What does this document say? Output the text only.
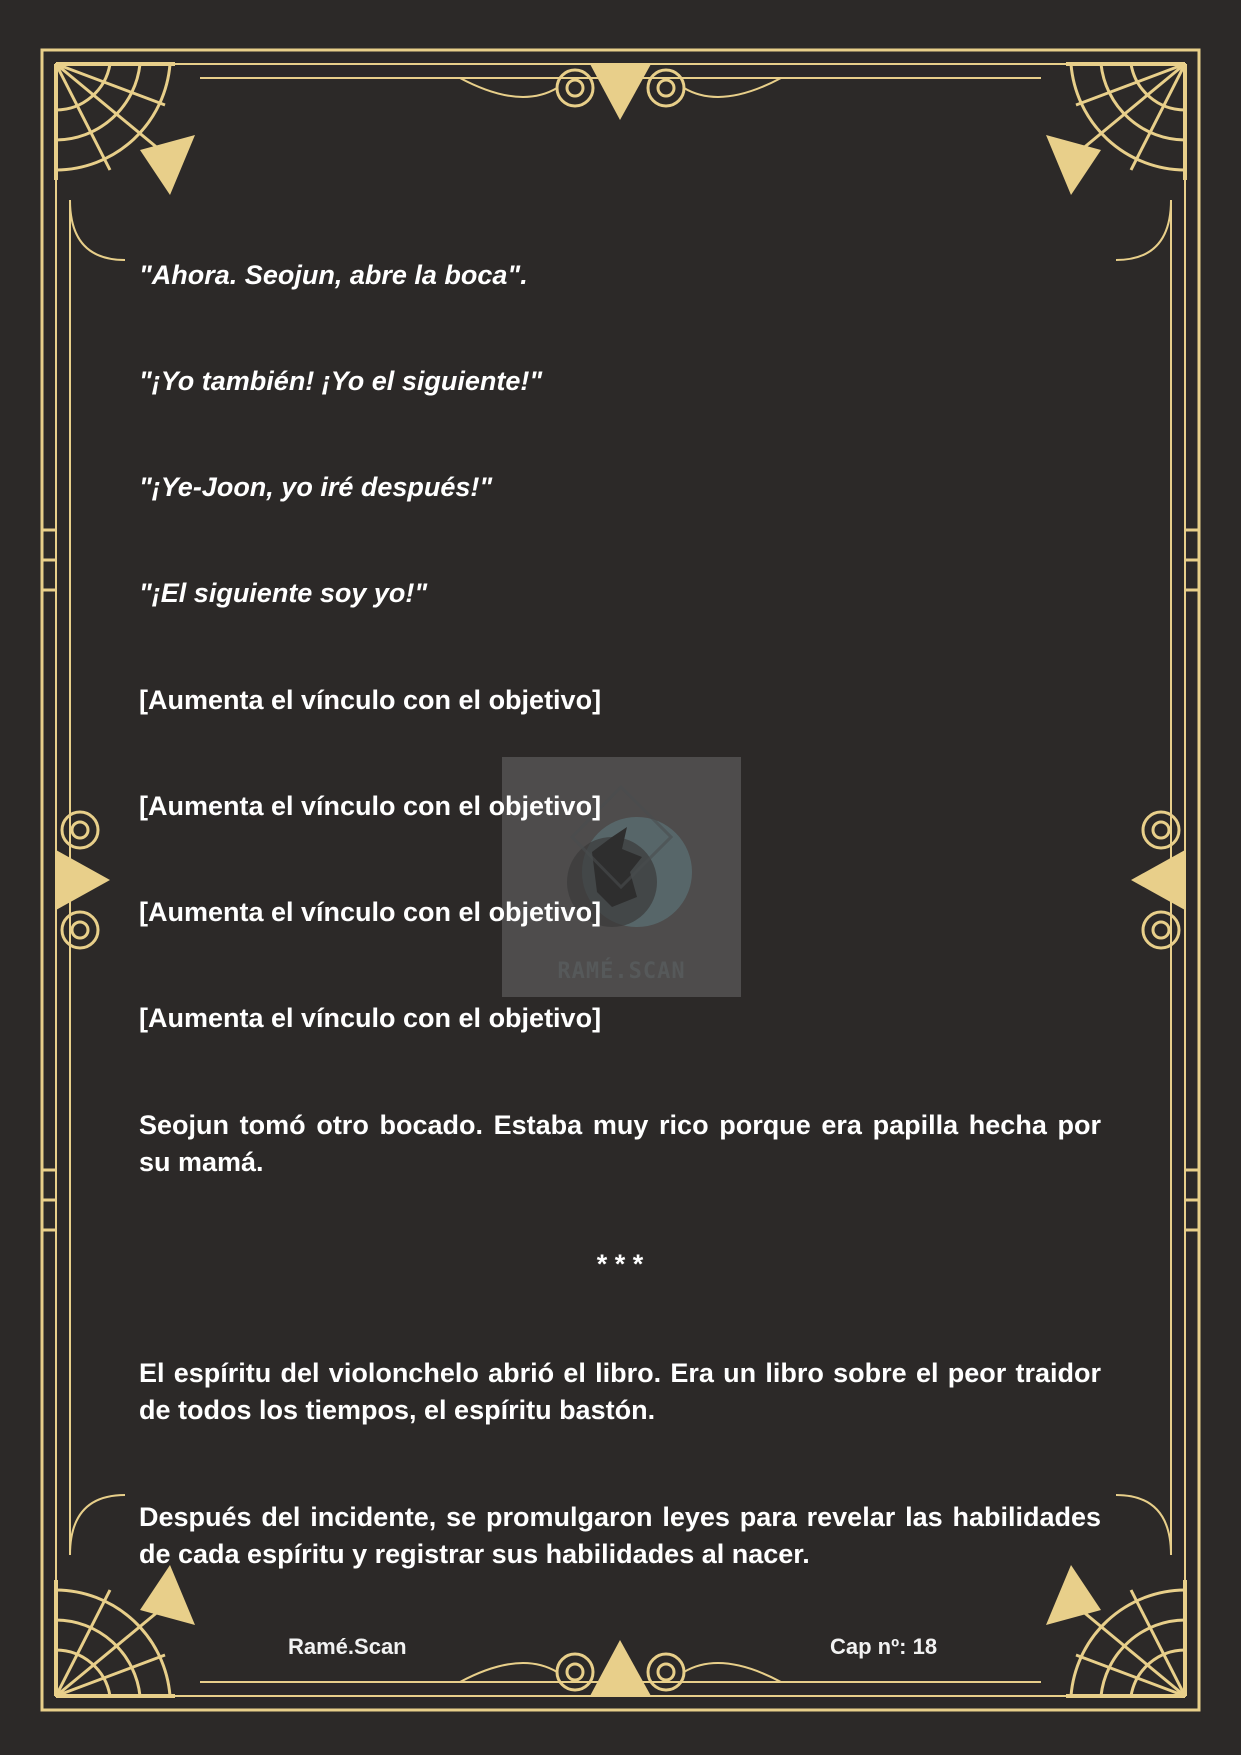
RAMÉ.SCAN
"Ahora. Seojun, abre la boca".
"¡Yo también! ¡Yo el siguiente!"
"¡Ye-Joon, yo iré después!"
"¡El siguiente soy yo!"
[Aumenta el vínculo con el objetivo]
[Aumenta el vínculo con el objetivo]
[Aumenta el vínculo con el objetivo]
[Aumenta el vínculo con el objetivo]
Seojun tomó otro bocado. Estaba muy rico porque era papilla hecha por su mamá.
* * *
El espíritu del violonchelo abrió el libro. Era un libro sobre el peor traidor de todos los tiempos, el espíritu bastón.
Después del incidente, se promulgaron leyes para revelar las habilidades de cada espíritu y registrar sus habilidades al nacer.
Ramé.Scan	Cap nº: 18
